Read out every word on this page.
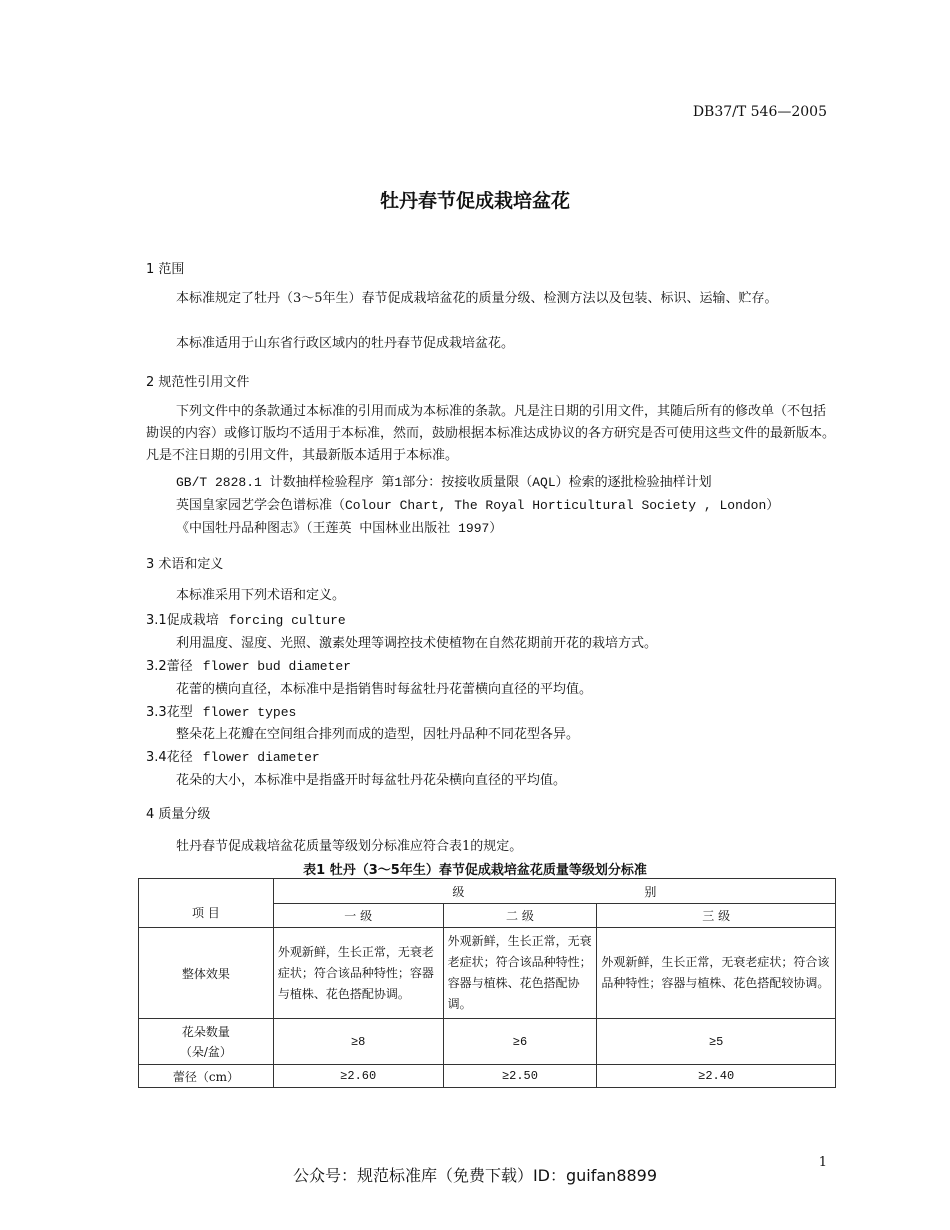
DB37/T 546—2005
牡丹春节促成栽培盆花
1 范围
本标准规定了牡丹（3～5年生）春节促成栽培盆花的质量分级、检测方法以及包装、标识、运输、贮存。
本标准适用于山东省行政区域内的牡丹春节促成栽培盆花。
2 规范性引用文件
下列文件中的条款通过本标准的引用而成为本标准的条款。凡是注日期的引用文件，其随后所有的修改单（不包括勘误的内容）或修订版均不适用于本标准，然而，鼓励根据本标准达成协议的各方研究是否可使用这些文件的最新版本。凡是不注日期的引用文件，其最新版本适用于本标准。
GB/T 2828.1 计数抽样检验程序 第1部分：按接收质量限（AQL）检索的逐批检验抽样计划
英国皇家园艺学会色谱标准（Colour Chart, The Royal Horticultural Society , London）
《中国牡丹品种图志》（王莲英 中国林业出版社 1997）
3 术语和定义
本标准采用下列术语和定义。
3.1促成栽培 forcing culture
利用温度、湿度、光照、激素处理等调控技术使植物在自然花期前开花的栽培方式。
3.2蕾径 flower bud diameter
花蕾的横向直径，本标准中是指销售时每盆牡丹花蕾横向直径的平均值。
3.3花型 flower types
整朵花上花瓣在空间组合排列而成的造型，因牡丹品种不同花型各异。
3.4花径 flower diameter
花朵的大小，本标准中是指盛开时每盆牡丹花朵横向直径的平均值。
4 质量分级
牡丹春节促成栽培盆花质量等级划分标准应符合表1的规定。
表1 牡丹（3～5年生）春节促成栽培盆花质量等级划分标准
项 目	级 别		
	一 级	二 级	三 级
整体效果	外观新鲜，生长正常，无衰老症状；符合该品种特性；容器与植株、花色搭配协调。	外观新鲜，生长正常，无衰老症状；符合该品种特性；容器与植株、花色搭配协调。	外观新鲜，生长正常，无衰老症状；符合该品种特性；容器与植株、花色搭配较协调。

花朵数量
（朵/盆）	≥8	≥6	≥5
蕾径（cm）	≥2.60	≥2.50	≥2.40
1
公众号：规范标准库（免费下载）ID：guifan8899
